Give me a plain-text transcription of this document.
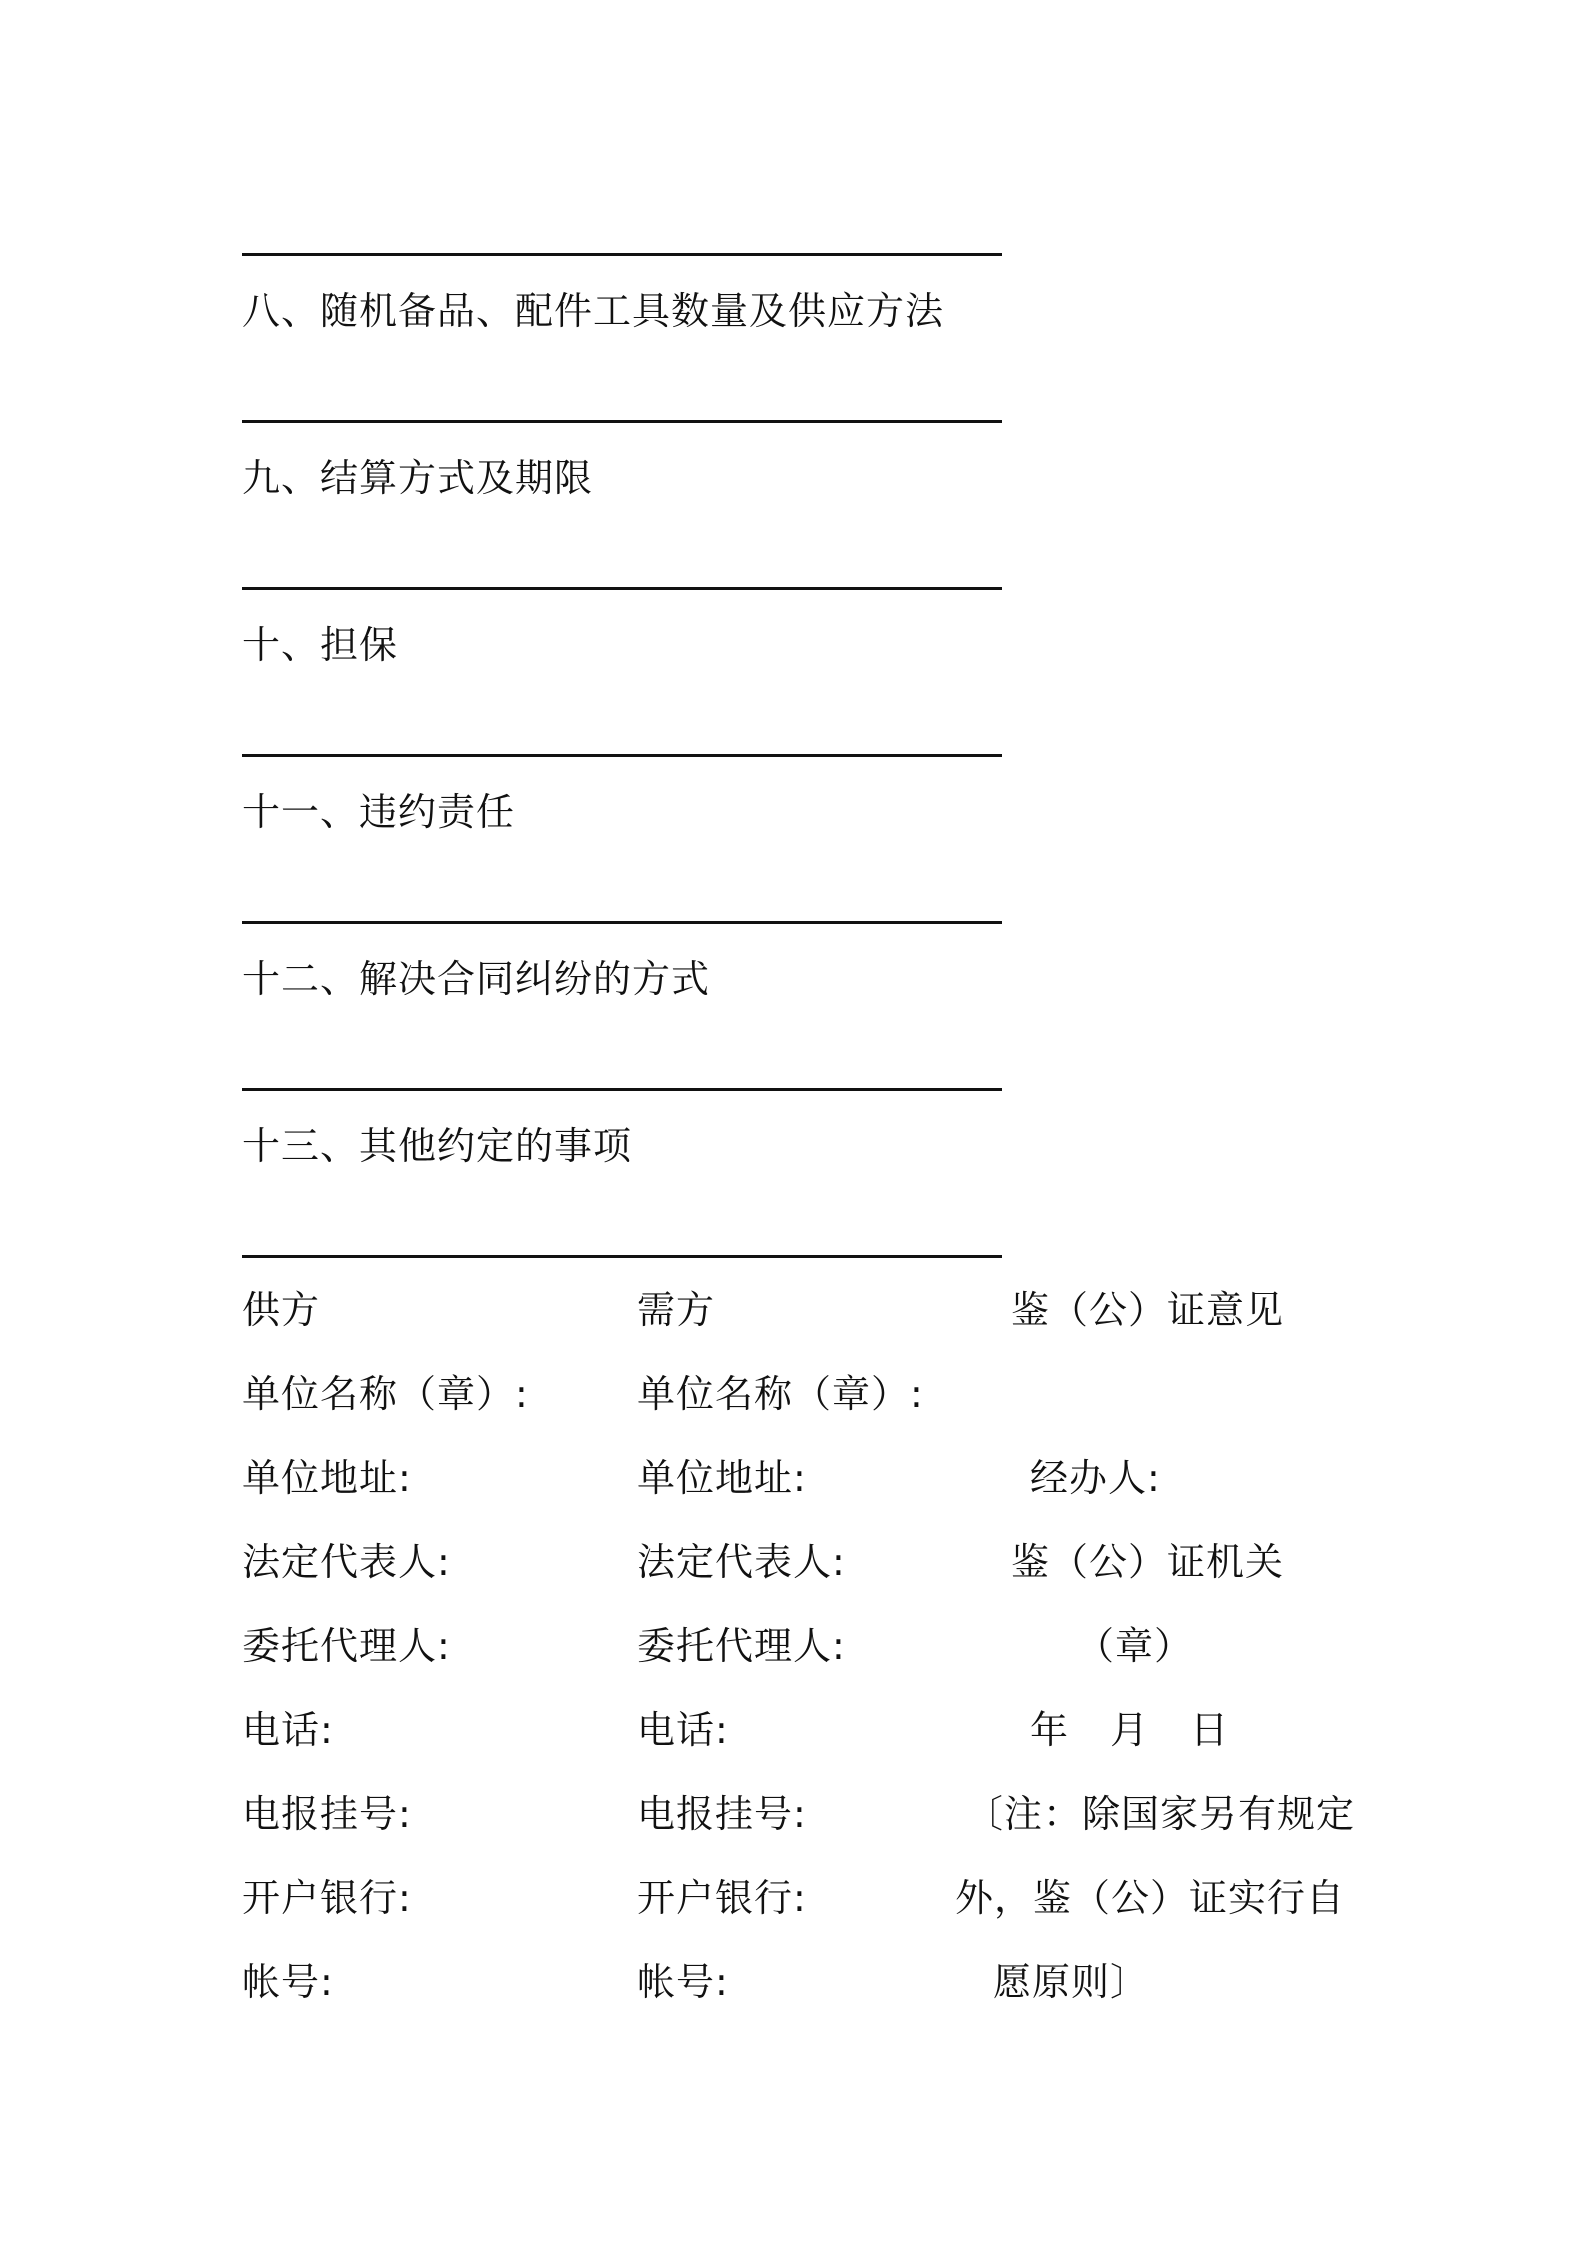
八、随机备品、配件工具数量及供应方法
九、结算方式及期限
十、担保
十一、违约责任
十二、解决合同纠纷的方式
十三、其他约定的事项
供方	需方	鉴（公）证意见
单位名称（章）:	单位名称（章）:
单位地址:	单位地址:	经办人:
法定代表人:	法定代表人:	鉴（公）证机关
委托代理人:	委托代理人:	（章）
电话:	电话:	年 月 日
电报挂号:	电报挂号:	〔注：除国家另有规定
开户银行:	开户银行:	外，鉴（公）证实行自
帐号:	帐号:	愿原则〕
